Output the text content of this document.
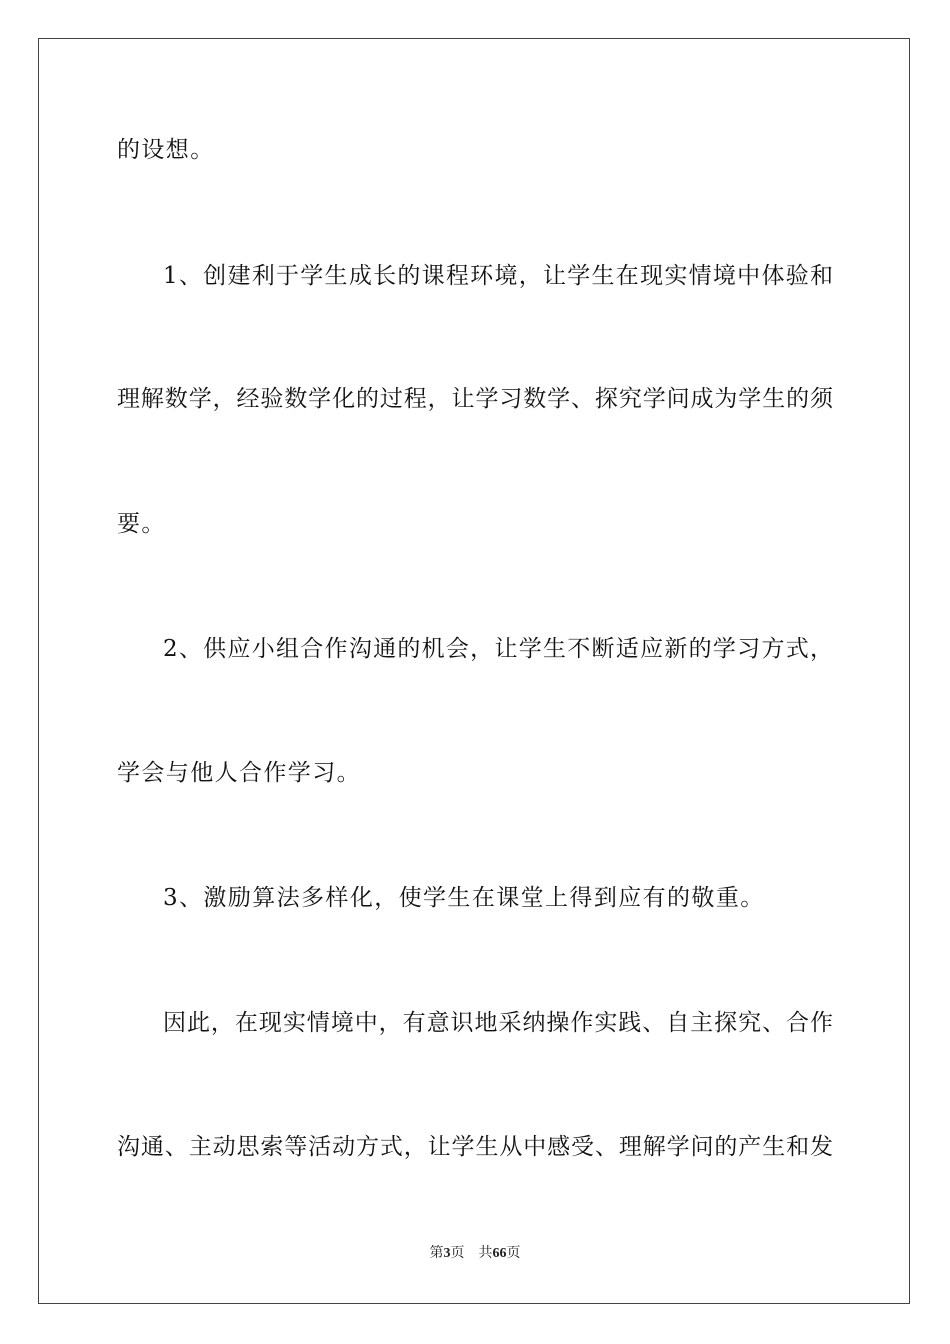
的设想。
1、创建利于学生成长的课程环境，让学生在现实情境中体验和
理解数学，经验数学化的过程，让学习数学、探究学问成为学生的须
要。
2、供应小组合作沟通的机会，让学生不断适应新的学习方式，
学会与他人合作学习。
3、激励算法多样化，使学生在课堂上得到应有的敬重。
因此，在现实情境中，有意识地采纳操作实践、自主探究、合作
沟通、主动思索等活动方式，让学生从中感受、理解学问的产生和发
第3页 共66页
